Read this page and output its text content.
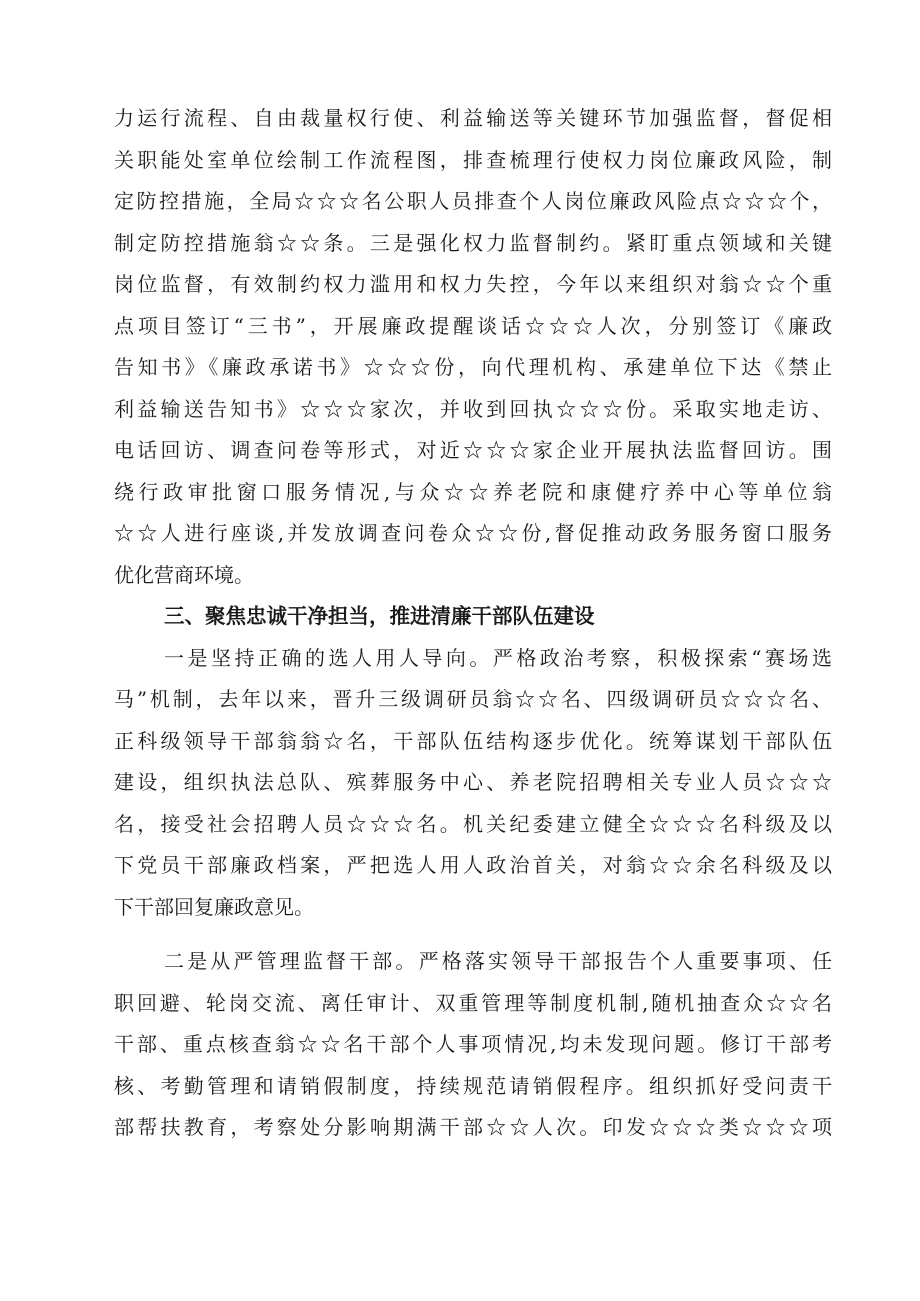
力运行流程、自由裁量权行使、利益输送等关键环节加强监督，督促相
关职能处室单位绘制工作流程图，排查梳理行使权力岗位廉政风险，制
定防控措施，全局☆☆☆名公职人员排查个人岗位廉政风险点☆☆☆个，
制定防控措施翁☆☆条。三是强化权力监督制约。紧盯重点领域和关键
岗位监督，有效制约权力滥用和权力失控，今年以来组织对翁☆☆个重
点项目签订“三书”，开展廉政提醒谈话☆☆☆人次，分别签订《廉政
告知书》《廉政承诺书》☆☆☆份，向代理机构、承建单位下达《禁止
利益输送告知书》☆☆☆家次，并收到回执☆☆☆份。采取实地走访、
电话回访、调查问卷等形式，对近☆☆☆家企业开展执法监督回访。围
绕行政审批窗口服务情况,与众☆☆养老院和康健疗养中心等单位翁
☆☆人进行座谈,并发放调查问卷众☆☆份,督促推动政务服务窗口服务
优化营商环境。
三、聚焦忠诚干净担当，推进清廉干部队伍建设
一是坚持正确的选人用人导向。严格政治考察，积极探索“赛场选
马”机制，去年以来，晋升三级调研员翁☆☆名、四级调研员☆☆☆名、
正科级领导干部翁翁☆名，干部队伍结构逐步优化。统筹谋划干部队伍
建设，组织执法总队、殡葬服务中心、养老院招聘相关专业人员☆☆☆
名，接受社会招聘人员☆☆☆名。机关纪委建立健全☆☆☆名科级及以
下党员干部廉政档案，严把选人用人政治首关，对翁☆☆余名科级及以
下干部回复廉政意见。
二是从严管理监督干部。严格落实领导干部报告个人重要事项、任
职回避、轮岗交流、离任审计、双重管理等制度机制,随机抽查众☆☆名
干部、重点核查翁☆☆名干部个人事项情况,均未发现问题。修订干部考
核、考勤管理和请销假制度，持续规范请销假程序。组织抓好受问责干
部帮扶教育，考察处分影响期满干部☆☆人次。印发☆☆☆类☆☆☆项
